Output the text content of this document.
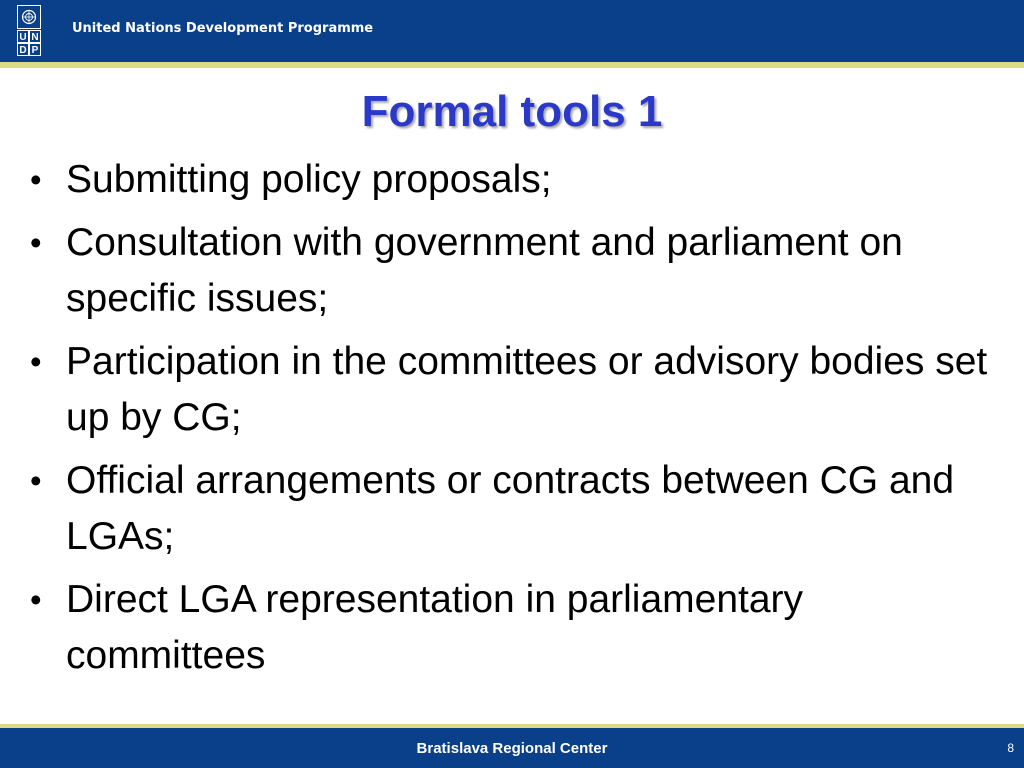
U N
D P
United Nations Development Programme
Formal tools 1
• Submitting policy proposals;
• Consultation with government and parliament on specific issues;
• Participation in the committees or advisory bodies set up by CG;
• Official arrangements or contracts between CG and LGAs;
• Direct LGA representation in parliamentary committees
Bratislava Regional Center	8
